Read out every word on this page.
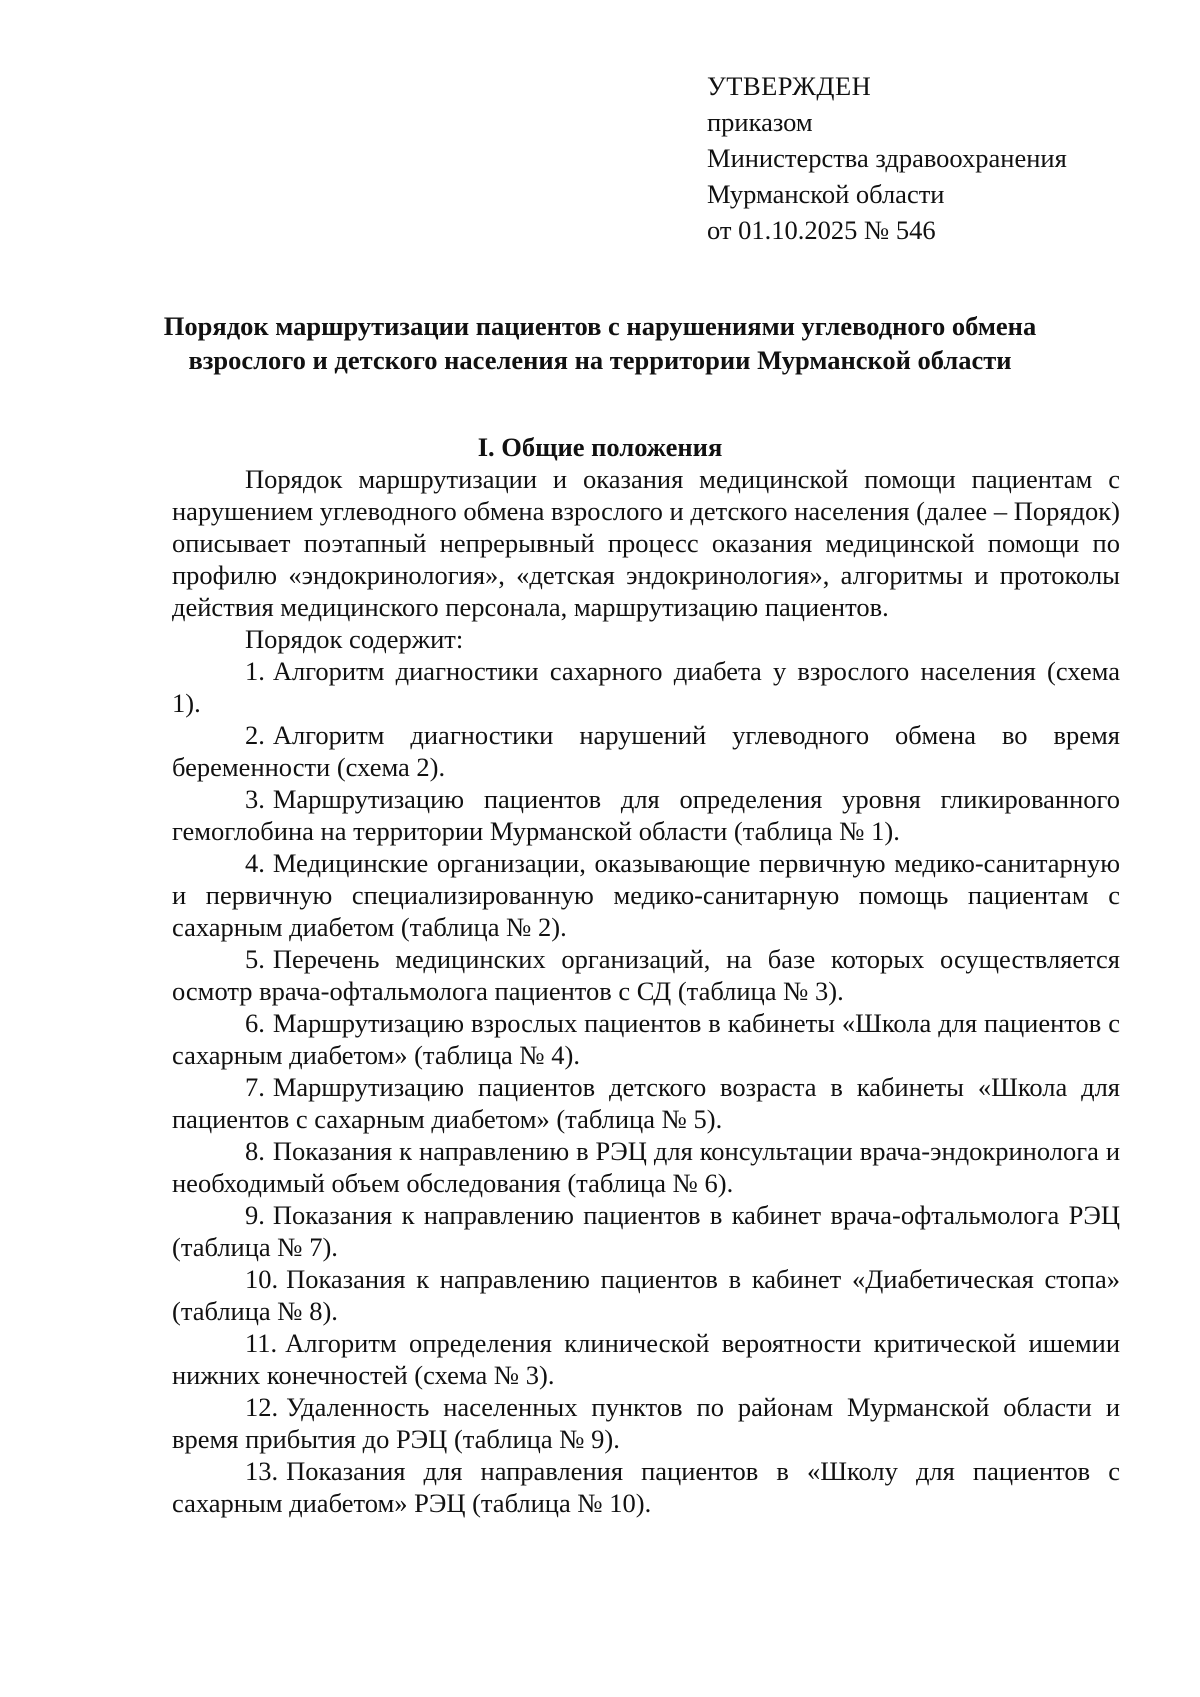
УТВЕРЖДЕН
приказом
Министерства здравоохранения
Мурманской области
от 01.10.2025 № 546
Порядок маршрутизации пациентов с нарушениями углеводного обмена
взрослого и детского населения на территории Мурманской области
I. Общие положения

Порядок маршрутизации и оказания медицинской помощи пациентам с нарушением углеводного обмена взрослого и детского населения (далее – Порядок) описывает поэтапный непрерывный процесс оказания медицинской помощи по профилю «эндокринология», «детская эндокринология», алгоритмы и протоколы действия медицинского персонала, маршрутизацию пациентов.

Порядок содержит:

1. Алгоритм диагностики сахарного диабета у взрослого населения (схема 1).

2. Алгоритм диагностики нарушений углеводного обмена во время беременности (схема 2).

3. Маршрутизацию пациентов для определения уровня гликированного гемоглобина на территории Мурманской области (таблица № 1).

4. Медицинские организации, оказывающие первичную медико-санитарную и первичную специализированную медико-санитарную помощь пациентам с сахарным диабетом (таблица № 2).

5. Перечень медицинских организаций, на базе которых осуществляется осмотр врача-офтальмолога пациентов с СД (таблица № 3).

6. Маршрутизацию взрослых пациентов в кабинеты «Школа для пациентов с сахарным диабетом» (таблица № 4).

7. Маршрутизацию пациентов детского возраста в кабинеты «Школа для пациентов с сахарным диабетом» (таблица № 5).

8. Показания к направлению в РЭЦ для консультации врача-эндокринолога и необходимый объем обследования (таблица № 6).

9. Показания к направлению пациентов в кабинет врача-офтальмолога РЭЦ (таблица № 7).

10. Показания к направлению пациентов в кабинет «Диабетическая стопа» (таблица № 8).

11. Алгоритм определения клинической вероятности критической ишемии нижних конечностей (схема № 3).

12. Удаленность населенных пунктов по районам Мурманской области и время прибытия до РЭЦ (таблица № 9).

13. Показания для направления пациентов в «Школу для пациентов с сахарным диабетом» РЭЦ (таблица № 10).
